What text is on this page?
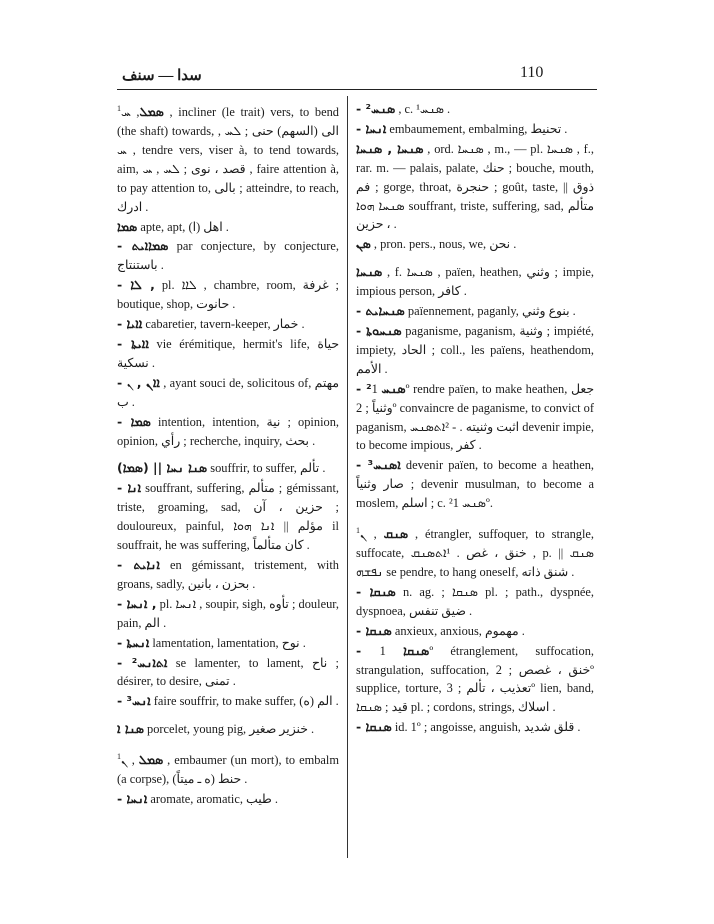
سدا — سنف	110

$^1$ ܣܡܠ, ܚ , incliner (le trait) vers, to bend (the shaft) towards, الى (السهم) حنى ; ܠܚ , ܚ , tendre vers, viser à, to tend towards, aim, قصد ، نوى ; ܠܚ , ܚ , faire attention à, to pay attention to, بالى ; atteindre, to reach, ادرك .

ܣܡܐ apte, apt, اهل (ا) .

- ܣܡܐܐܝܬ par conjecture, by conjecture, باستنتاج .

- ܠܐ , pl. ܠܐܐ , chambre, room, غرفة ; boutique, shop, حانوت .

- ܐܐܝܐ cabaretier, tavern-keeper, خمار .

- ܐܐܝܬܐ vie érémitique, hermit's life, حياة نسكية .

- ܐܐܢ , ܢ , ayant souci de, solicitous of, مهتم ب .

- ܣܡܐ intention, intention, نية ; opinion, opinion, رأي ; recherche, inquiry, بحث .

(ܣܡܐ) || ܣܢܐ ܢܚܐ souffrir, to suffer, تألم .

- ܐܢܐ souffrant, suffering, متألم ; gémissant, triste, groaming, sad, حزين ، آن ; douloureux, painful, مؤلم || ܐܢܐ ܗܘܐ il souffrait, he was suffering, كان متألماً .

- ܐܢܐܝܬ en gémissant, tristement, with groans, sadly, بحزن ، بانين .

- ܐܢܚܐ , pl. ܐܢܚܐ , soupir, sigh, تأوه ; douleur, pain, الم .

- ܐܢܚܬܐ lamentation, lamentation, نوح .

- ²ܐܬܐܢܚ se lamenter, to lament, ناح ; désirer, to desire, تمنى .

- ³ܐܢܚ faire souffrir, to make suffer, الم (ه) .

ܣܢܐ ܐ porcelet, young pig, خنزير صغير .

$^1$ ܣܡܠ , ܢ , embaumer (un mort), to embalm (a corpse), حنط (ه ـ ميتاً) .

- ܐܢܚܐ aromate, aromatic, طيب .

- ²ܣܢܚ , c. ¹ܣܢܚ .

- ܐܢܚܐ embaumement, embalming, تحنيط .

ܣܢܚܐ , ܣܢܚܐ , ord. ܣܢܚܐ , m., — pl. ܣܢܚܐ , f., rar. m. — palais, palate, حنك ; bouche, mouth, فم ; gorge, throat, حنجرة ; goût, taste, ذوق || ܣܢܚܐ ܗܘܐ souffrant, triste, suffering, sad, متألم ، حزين .

ܣܢ , pron. pers., nous, we, نحن .

ܣܢܚܐ , f. ܣܢܚܐ , païen, heathen, وثني ; impie, impious person, كافر .

- ܣܢܚܐܝܬ païennement, paganly, بنوع وثني .

- ܣܢܚܘܬܐ paganisme, paganism, وثنية ; impiété, impiety, الحاد ; coll., les païens, heathendom, الأمم .

- ²ܣܢܚ 1º rendre païen, to make heathen, جعل وثنياً ; 2º convaincre de paganisme, to convict of paganism, اثبت وثنيته . - ²ܐܬܣܢܚ devenir impie, to become impious, كفر .

- ³ܐܣܢܚ devenir païen, to become a heathen, صار وثنياً ; devenir musulman, to become a moslem, اسلم ; c. ²ܣܢܚ 1º.

$^1$ ܣܢܩ , ܢ , étrangler, suffoquer, to strangle, suffocate, خنق ، غص . ¹ܐܬܣܢܩ , p. || ܣܢܩ ܢܦܫܗ se pendre, to hang oneself, شنق ذاته .

- ܣܢܩܐ n. ag. ; ܣܢܩܐ pl. ; path., dyspnée, dyspnoea, ضيق تنفس .

- ܣܢܩܐ anxieux, anxious, مهموم .

- ܣܢܩܐ 1º étranglement, suffocation, strangulation, suffocation, خنق ، غصص ; 2º supplice, torture, تعذيب ، تألم ; 3º lien, band, قيد ; ܣܢܩܐ pl. ; cordons, strings, اسلاك .

- ܣܢܩܐ id. 1º ; angoisse, anguish, قلق شديد .
